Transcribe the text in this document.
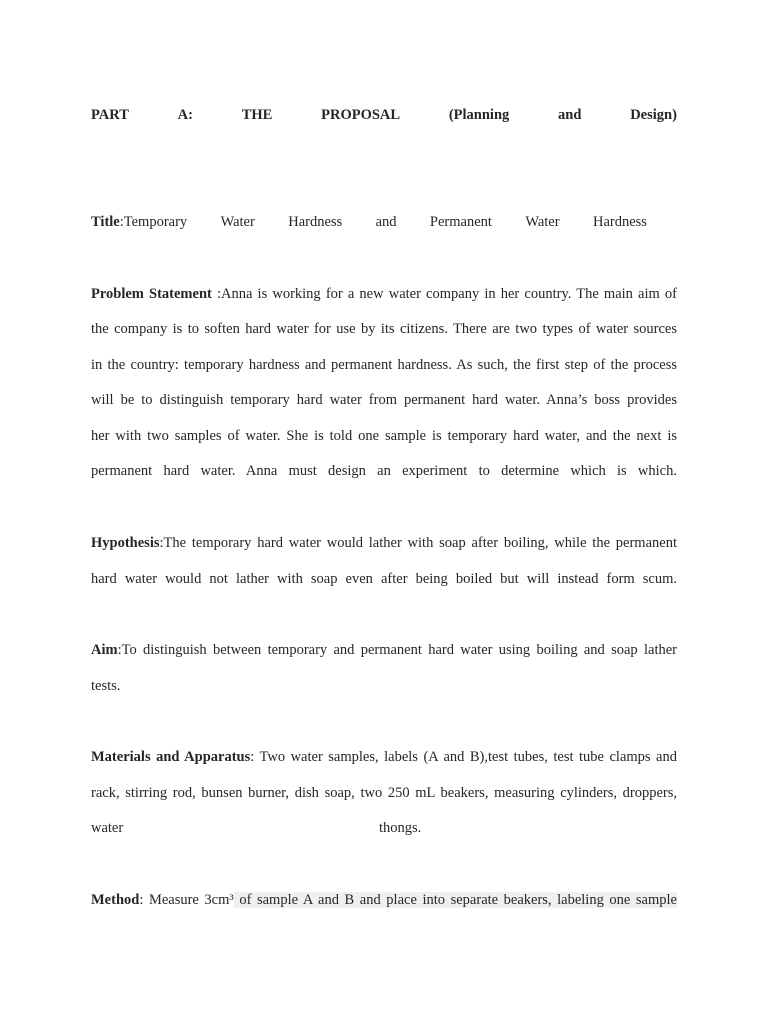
PART	A:	THE	PROPOSAL	(Planning	and	Design)
Title:Temporary Water Hardness and Permanent Water Hardness
Problem Statement :Anna is working for a new water company in her country. The main aim of
the company is to soften hard water for use by its citizens. There are two types of water sources
in the country: temporary hardness and permanent hardness. As such, the first step of the process
will be to distinguish temporary hard water from permanent hard water. Anna’s boss provides
her with two samples of water. She is told one sample is temporary hard water, and the next is
permanent hard water. Anna must design an experiment to determine which is which.
Hypothesis:The temporary hard water would lather with soap after boiling, while the permanent
hard water would not lather with soap even after being boiled but will instead form scum.
Aim:To distinguish between temporary and permanent hard water using boiling and soap lather
tests.
Materials and Apparatus: Two water samples, labels (A and B),test tubes, test tube clamps and
rack, stirring rod, bunsen burner, dish soap, two 250 mL beakers, measuring cylinders, droppers,
water	thongs.
Method: Measure 3cm³ of sample A and B and place into separate beakers, labeling one sample
